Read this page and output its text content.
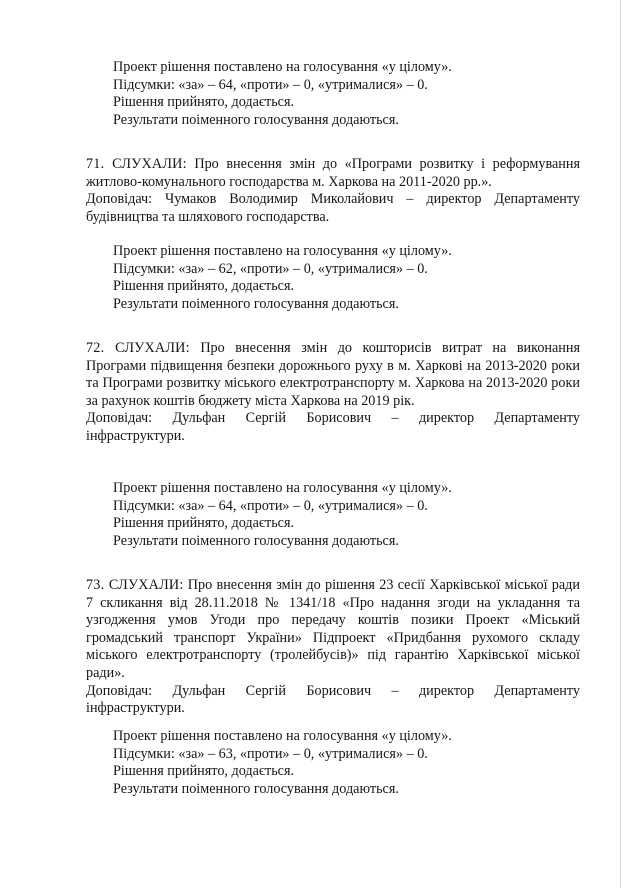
Проект рішення поставлено на голосування «у цілому».
Підсумки: «за» – 64, «проти» – 0, «утрималися» – 0.
Рішення прийнято, додається.
Результати поіменного голосування додаються.

71. СЛУХАЛИ: Про внесення змін до «Програми розвитку і реформування житлово-комунального господарства м. Харкова на 2011-2020 рр.».

Доповідач: Чумаков Володимир Миколайович – директор Департаменту будівництва та шляхового господарства.

Проект рішення поставлено на голосування «у цілому».
Підсумки: «за» – 62, «проти» – 0, «утрималися» – 0.
Рішення прийнято, додається.
Результати поіменного голосування додаються.

72. СЛУХАЛИ: Про внесення змін до кошторисів витрат на виконання Програми підвищення безпеки дорожнього руху в м. Харкові на 2013-2020 роки та Програми розвитку міського електротранспорту м. Харкова на 2013-2020 роки за рахунок коштів бюджету міста Харкова на 2019 рік.

Доповідач: Дульфан Сергій Борисович – директор Департаменту інфраструктури.

Проект рішення поставлено на голосування «у цілому».
Підсумки: «за» – 64, «проти» – 0, «утрималися» – 0.
Рішення прийнято, додається.
Результати поіменного голосування додаються.

73. СЛУХАЛИ: Про внесення змін до рішення 23 сесії Харківської міської ради 7 скликання від 28.11.2018 № 1341/18 «Про надання згоди на укладання та узгодження умов Угоди про передачу коштів позики Проект «Міський громадський транспорт України» Підпроект «Придбання рухомого складу міського електротранспорту (тролейбусів)» під гарантію Харківської міської ради».

Доповідач: Дульфан Сергій Борисович – директор Департаменту інфраструктури.

Проект рішення поставлено на голосування «у цілому».
Підсумки: «за» – 63, «проти» – 0, «утрималися» – 0.
Рішення прийнято, додається.
Результати поіменного голосування додаються.
